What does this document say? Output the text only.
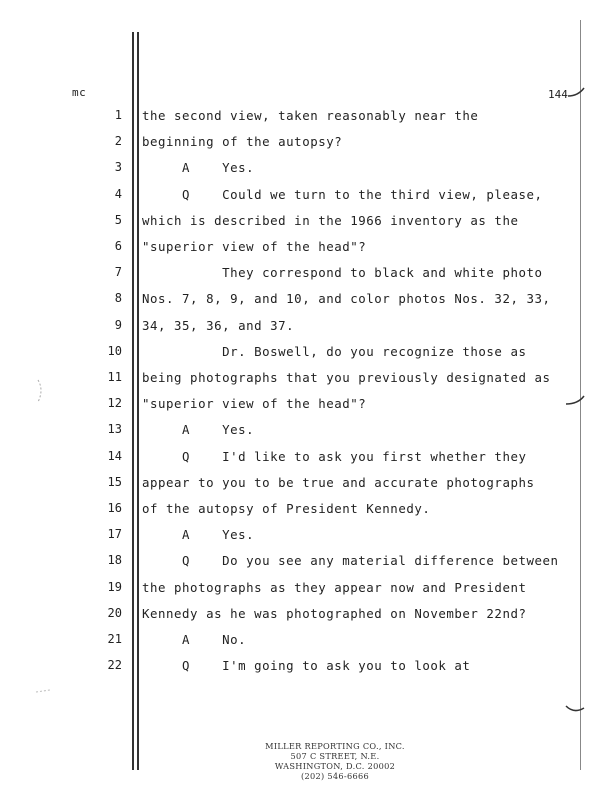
mc	144
1 the second view, taken reasonably near the
2 beginning of the autopsy?
3 A    Yes.
4 Q    Could we turn to the third view, please,
5 which is described in the 1966 inventory as the
6 "superior view of the head"?
7 They correspond to black and white photo
8 Nos. 7, 8, 9, and 10, and color photos Nos. 32, 33,
9 34, 35, 36, and 37.
10 Dr. Boswell, do you recognize those as
11 being photographs that you previously designated as
12 "superior view of the head"?
13 A    Yes.
14 Q    I'd like to ask you first whether they
15 appear to you to be true and accurate photographs
16 of the autopsy of President Kennedy.
17 A    Yes.
18 Q    Do you see any material difference between
19 the photographs as they appear now and President
20 Kennedy as he was photographed on November 22nd?
21 A    No.
22 Q    I'm going to ask you to look at
MILLER REPORTING CO., INC.
507 C STREET, N.E.
WASHINGTON, D.C. 20002
(202) 546-6666
